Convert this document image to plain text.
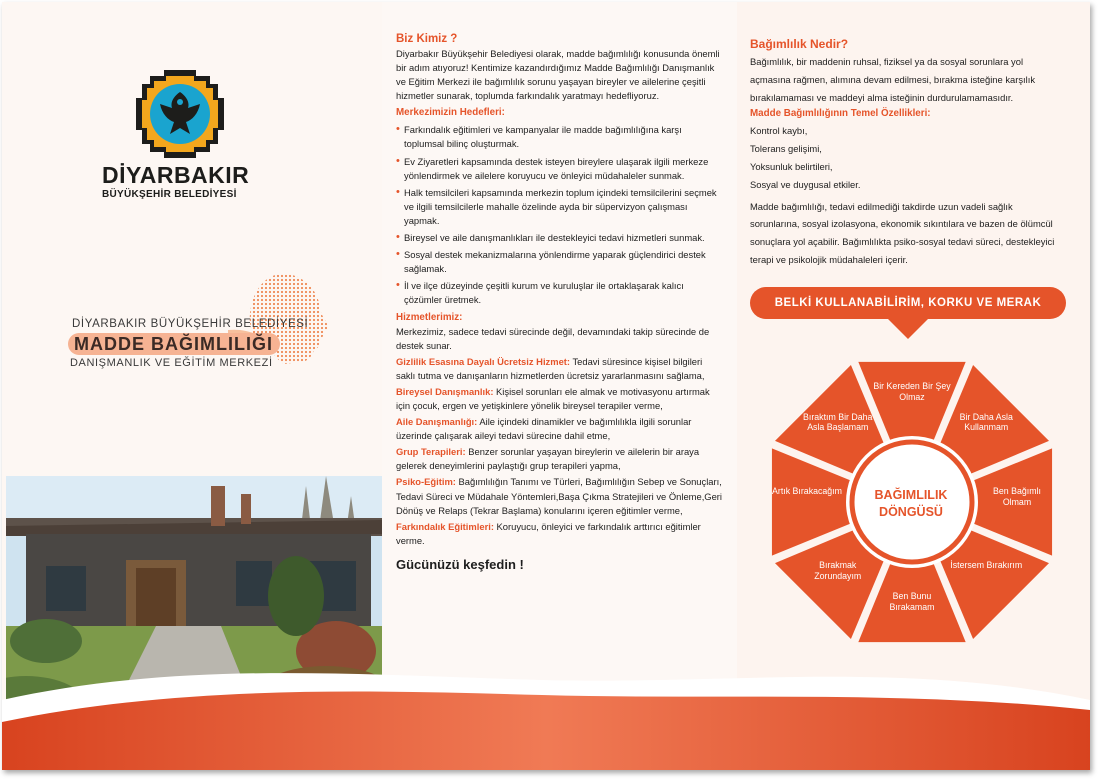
DİYARBAKIR
BÜYÜKŞEHİR BELEDİYESİ
DİYARBAKIR BÜYÜKŞEHİR BELEDİYESİ
MADDE BAĞIMLILIĞI
DANIŞMANLIK VE EĞİTİM MERKEZİ

Biz Kimiz ?

Diyarbakır Büyükşehir Belediyesi olarak, madde bağımlılığı konusunda önemli bir adım atıyoruz! Kentimize kazandırdığımız Madde Bağımlılığı Danışmanlık ve Eğitim Merkezi ile bağımlılık sorunu yaşayan bireyler ve ailelerine çeşitli hizmetler sunarak, toplumda farkındalık yaratmayı hedefliyoruz.

Merkezimizin Hedefleri:

• Farkındalık eğitimleri ve kampanyalar ile madde bağımlılığına karşı toplumsal bilinç oluşturmak.

• Ev Ziyaretleri kapsamında destek isteyen bireylere ulaşarak ilgili merkeze yönlendirmek ve ailelere koruyucu ve önleyici müdahaleler sunmak.

• Halk temsilcileri kapsamında merkezin toplum içindeki temsilcilerini seçmek ve ilgili temsilcilerle mahalle özelinde ayda bir süpervizyon çalışması yapmak.

• Bireysel ve aile danışmanlıkları ile destekleyici tedavi hizmetleri sunmak.

• Sosyal destek mekanizmalarına yönlendirme yaparak güçlendirici destek sağlamak.

• İl ve ilçe düzeyinde çeşitli kurum ve kuruluşlar ile ortaklaşarak kalıcı çözümler üretmek.

Hizmetlerimiz:

Merkezimiz, sadece tedavi sürecinde değil, devamındaki takip sürecinde de destek sunar.

Gizlilik Esasına Dayalı Ücretsiz Hizmet: Tedavi süresince kişisel bilgileri saklı tutma ve danışanların hizmetlerden ücretsiz yararlanmasını sağlama,

Bireysel Danışmanlık: Kişisel sorunları ele almak ve motivasyonu artırmak için çocuk, ergen ve yetişkinlere yönelik bireysel terapiler verme,

Aile Danışmanlığı: Aile içindeki dinamikler ve bağımlılıkla ilgili sorunlar üzerinde çalışarak aileyi tedavi sürecine dahil etme,

Grup Terapileri: Benzer sorunlar yaşayan bireylerin ve ailelerin bir araya gelerek deneyimlerini paylaştığı grup terapileri yapma,

Psiko-Eğitim: Bağımlılığın Tanımı ve Türleri, Bağımlılığın Sebep ve Sonuçları, Tedavi Süreci ve Müdahale Yöntemleri,Başa Çıkma Stratejileri ve Önleme,Geri Dönüş ve Relaps (Tekrar Başlama) konularını içeren eğitimler verme,

Farkındalık Eğitimleri: Koruyucu, önleyici ve farkındalık arttırıcı eğitimler verme.

Gücünüzü keşfedin !

Bağımlılık Nedir?

Bağımlılık, bir maddenin ruhsal, fiziksel ya da sosyal sorunlara yol açmasına rağmen, alımına devam edilmesi, bırakma isteğine karşılık bırakılamaması ve maddeyi alma isteğinin durdurulamamasıdır.

Madde Bağımlılığının Temel Özellikleri:

Kontrol kaybı,

Tolerans gelişimi,

Yoksunluk belirtileri,

Sosyal ve duygusal etkiler.

Madde bağımlılığı, tedavi edilmediği takdirde uzun vadeli sağlık sorunlarına, sosyal izolasyona, ekonomik sıkıntılara ve bazen de ölümcül sonuçlara yol açabilir. Bağımlılıkta psiko-sosyal tedavi süreci, destekleyici terapi ve psikolojik müdahaleleri içerir.

BELKİ KULLANABİLİRİM, KORKU VE MERAK
Bir Kereden Bir Şey Olmaz
Bir Daha Asla Kullanmam
Ben Bağımlı Olmam
İstersem Bırakırım
Ben Bunu Bırakamam
Bırakmak Zorundayım
Artık Bırakacağım
Bıraktım Bir Daha Asla Başlamam
BAĞIMLILIK
DÖNGÜSÜ
